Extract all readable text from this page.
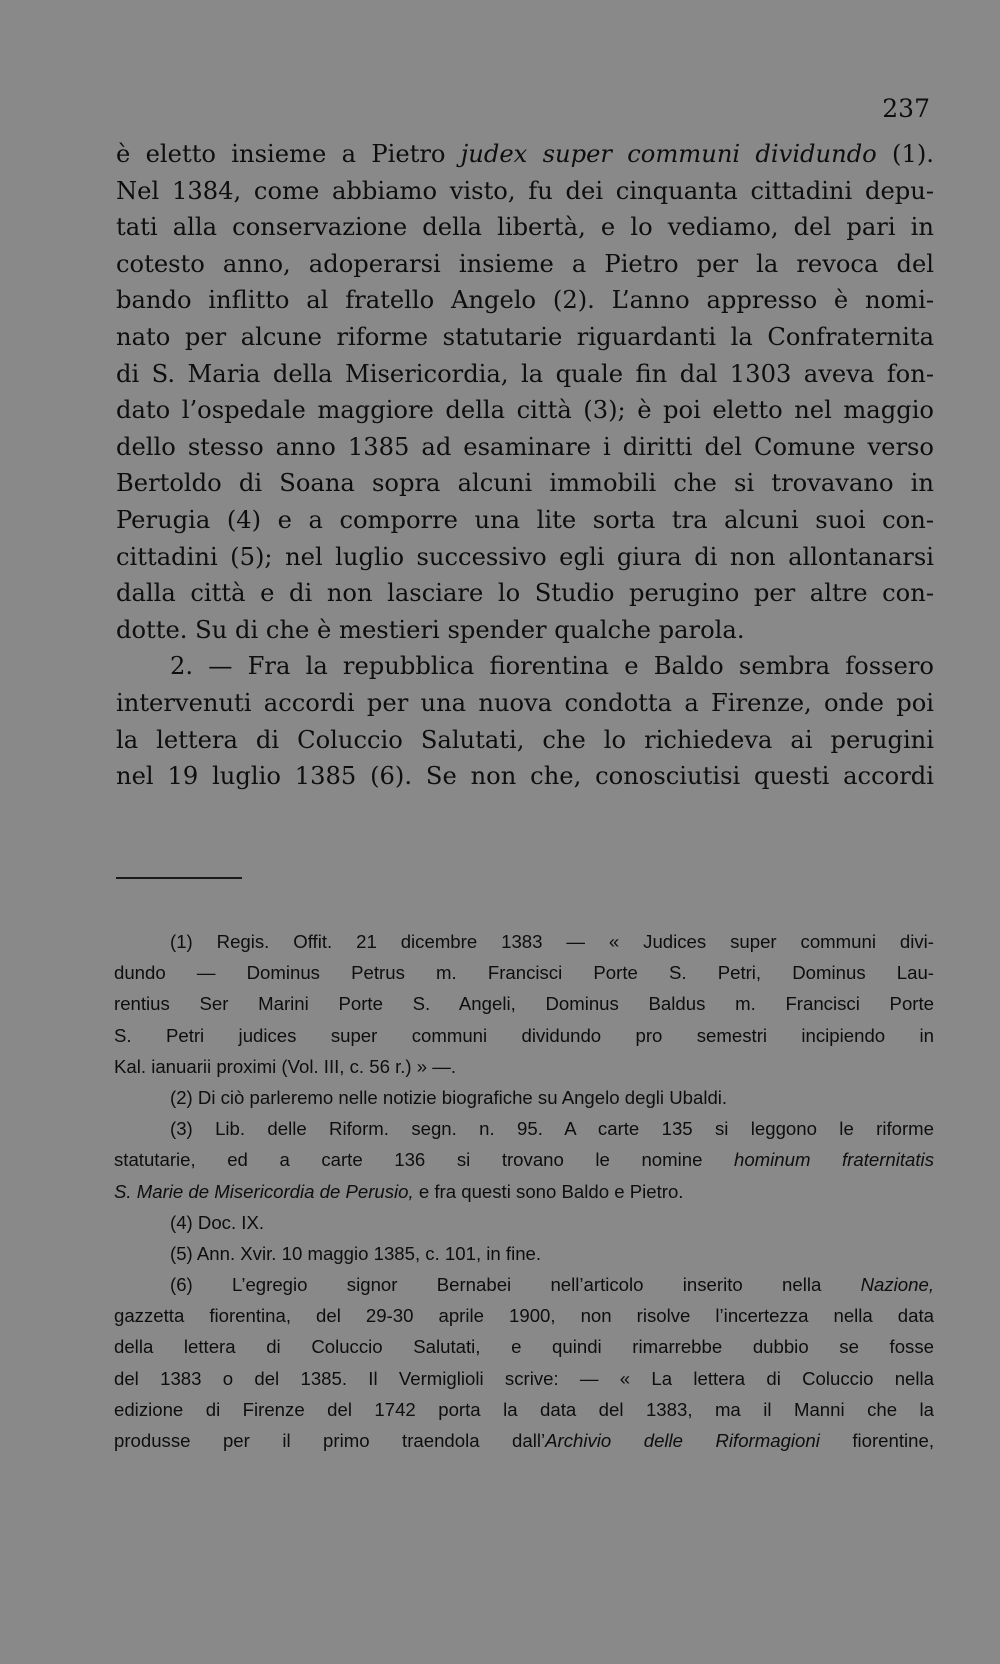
237
è eletto insieme a Pietro judex super communi dividundo (1).
Nel 1384, come abbiamo visto, fu dei cinquanta cittadini depu-
tati alla conservazione della libertà, e lo vediamo, del pari in
cotesto anno, adoperarsi insieme a Pietro per la revoca del
bando inflitto al fratello Angelo (2). L’anno appresso è nomi-
nato per alcune riforme statutarie riguardanti la Confraternita
di S. Maria della Misericordia, la quale fin dal 1303 aveva fon-
dato l’ospedale maggiore della città (3); è poi eletto nel maggio
dello stesso anno 1385 ad esaminare i diritti del Comune verso
Bertoldo di Soana sopra alcuni immobili che si trovavano in
Perugia (4) e a comporre una lite sorta tra alcuni suoi con-
cittadini (5); nel luglio successivo egli giura di non allontanarsi
dalla città e di non lasciare lo Studio perugino per altre con-
dotte. Su di che è mestieri spender qualche parola.
2. — Fra la repubblica fiorentina e Baldo sembra fossero
intervenuti accordi per una nuova condotta a Firenze, onde poi
la lettera di Coluccio Salutati, che lo richiedeva ai perugini
nel 19 luglio 1385 (6). Se non che, conosciutisi questi accordi
(1) Regis. Offit. 21 dicembre 1383 — « Judices super communi divi-
dundo — Dominus Petrus m. Francisci Porte S. Petri, Dominus Lau-
rentius Ser Marini Porte S. Angeli, Dominus Baldus m. Francisci Porte
S. Petri judices super communi dividundo pro semestri incipiendo in
Kal. ianuarii proximi (Vol. III, c. 56 r.) » —.
(2) Di ciò parleremo nelle notizie biografiche su Angelo degli Ubaldi.
(3) Lib. delle Riform. segn. n. 95. A carte 135 si leggono le riforme
statutarie, ed a carte 136 si trovano le nomine hominum fraternitatis
S. Marie de Misericordia de Perusio, e fra questi sono Baldo e Pietro.
(4) Doc. IX.
(5) Ann. Xvir. 10 maggio 1385, c. 101, in fine.
(6) L’egregio signor Bernabei nell’articolo inserito nella Nazione,
gazzetta fiorentina, del 29-30 aprile 1900, non risolve l’incertezza nella data
della lettera di Coluccio Salutati, e quindi rimarrebbe dubbio se fosse
del 1383 o del 1385. Il Vermiglioli scrive: — « La lettera di Coluccio nella
edizione di Firenze del 1742 porta la data del 1383, ma il Manni che la
produsse per il primo traendola dall’Archivio delle Riformagioni fiorentine,
